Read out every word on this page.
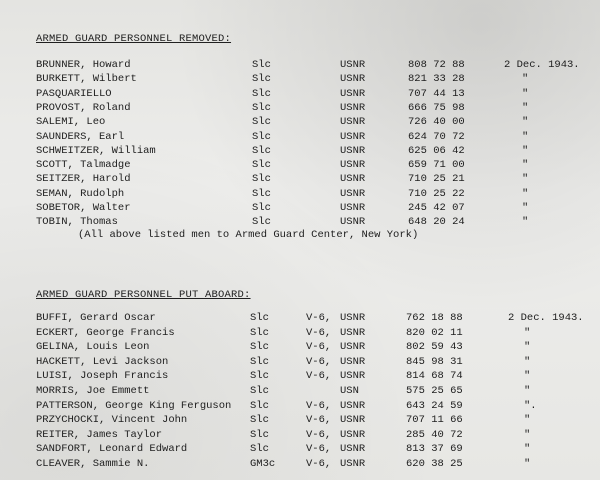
ARMED GUARD PERSONNEL REMOVED:
BRUNNER, Howard	Slc	USNR	808 72 88	2 Dec. 1943.
BURKETT, Wilbert	Slc	USNR	821 33 28	"
PASQUARIELLO	Slc	USNR	707 44 13	"
PROVOST, Roland	Slc	USNR	666 75 98	"
SALEMI, Leo	Slc	USNR	726 40 00	"
SAUNDERS, Earl	Slc	USNR	624 70 72	"
SCHWEITZER, William	Slc	USNR	625 06 42	"
SCOTT, Talmadge	Slc	USNR	659 71 00	"
SEITZER, Harold	Slc	USNR	710 25 21	"
SEMAN, Rudolph	Slc	USNR	710 25 22	"
SOBETOR, Walter	Slc	USNR	245 42 07	"
TOBIN, Thomas	Slc	USNR	648 20 24	"
(All above listed men to Armed Guard Center, New York)
ARMED GUARD PERSONNEL PUT ABOARD:
BUFFI, Gerard Oscar	Slc	V-6, USNR	762 18 88	2 Dec. 1943.
ECKERT, George Francis	Slc	V-6, USNR	820 02 11	"
GELINA, Louis Leon	Slc	V-6, USNR	802 59 43	"
HACKETT, Levi Jackson	Slc	V-6, USNR	845 98 31	"
LUISI, Joseph Francis	Slc	V-6, USNR	814 68 74	"
MORRIS, Joe Emmett	Slc	USN	575 25 65	"
PATTERSON, George King Ferguson Slc	V-6, USNR	643 24 59	".
PRZYCHOCKI, Vincent John	Slc	V-6, USNR	707 11 66	"
REITER, James Taylor	Slc	V-6, USNR	285 40 72	"
SANDFORT, Leonard Edward	Slc	V-6, USNR	813 37 69	"
CLEAVER, Sammie N.	GM3c	V-6, USNR	620 38 25	"
